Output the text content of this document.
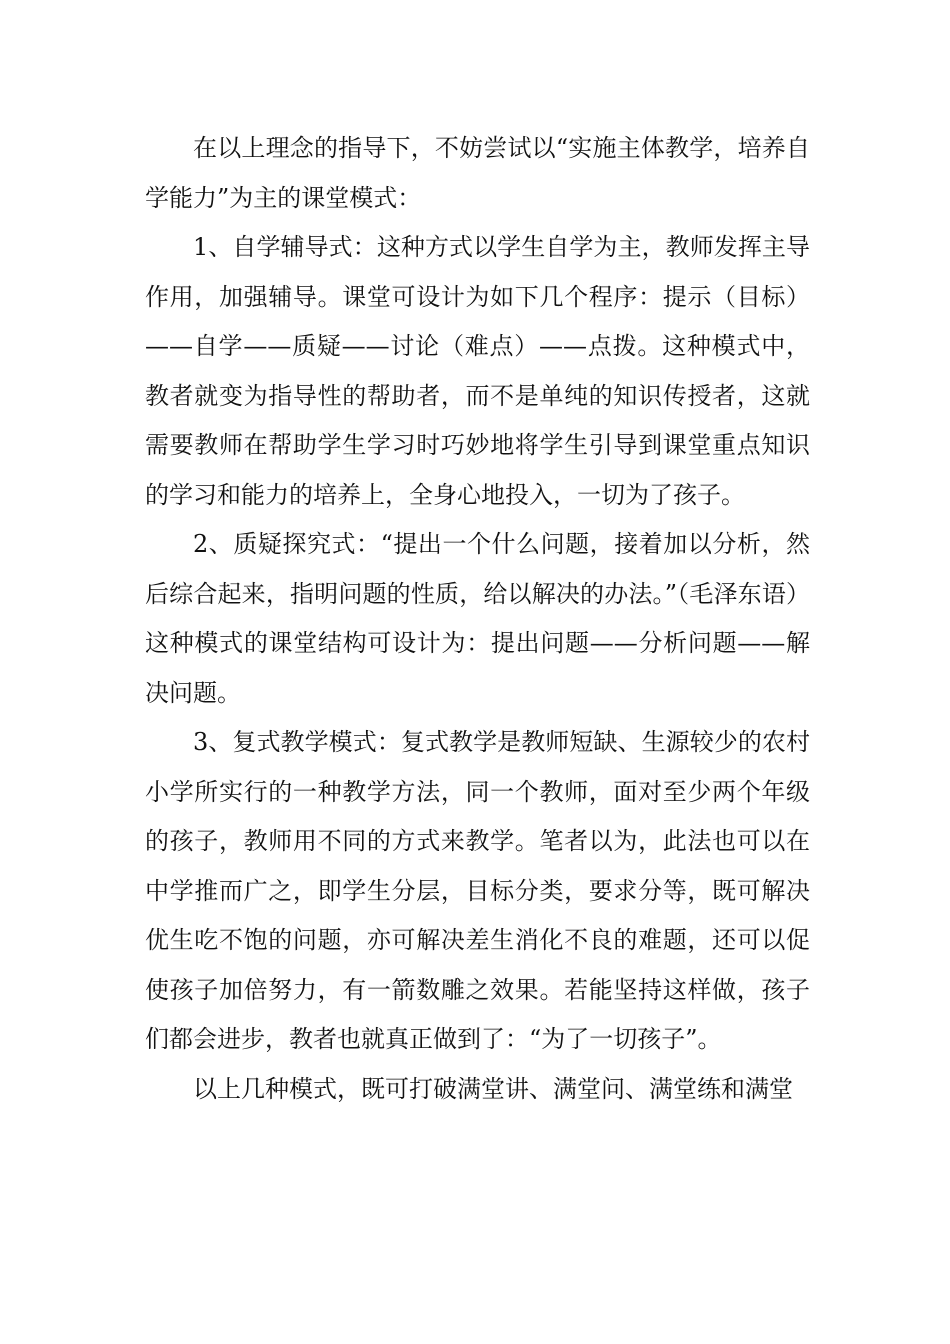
在以上理念的指导下，不妨尝试以“实施主体教学，培养自学能力”为主的课堂模式：

1、自学辅导式：这种方式以学生自学为主，教师发挥主导作用，加强辅导。课堂可设计为如下几个程序：提示（目标）——自学——质疑——讨论（难点）——点拨。这种模式中，教者就变为指导性的帮助者，而不是单纯的知识传授者，这就需要教师在帮助学生学习时巧妙地将学生引导到课堂重点知识的学习和能力的培养上，全身心地投入，一切为了孩子。

2、质疑探究式：“提出一个什么问题，接着加以分析，然后综合起来，指明问题的性质，给以解决的办法。”（毛泽东语）这种模式的课堂结构可设计为：提出问题——分析问题——解决问题。

3、复式教学模式：复式教学是教师短缺、生源较少的农村小学所实行的一种教学方法，同一个教师，面对至少两个年级的孩子，教师用不同的方式来教学。笔者以为，此法也可以在中学推而广之，即学生分层，目标分类，要求分等，既可解决优生吃不饱的问题，亦可解决差生消化不良的难题，还可以促使孩子加倍努力，有一箭数雕之效果。若能坚持这样做，孩子们都会进步，教者也就真正做到了：“为了一切孩子”。

以上几种模式，既可打破满堂讲、满堂问、满堂练和满堂
